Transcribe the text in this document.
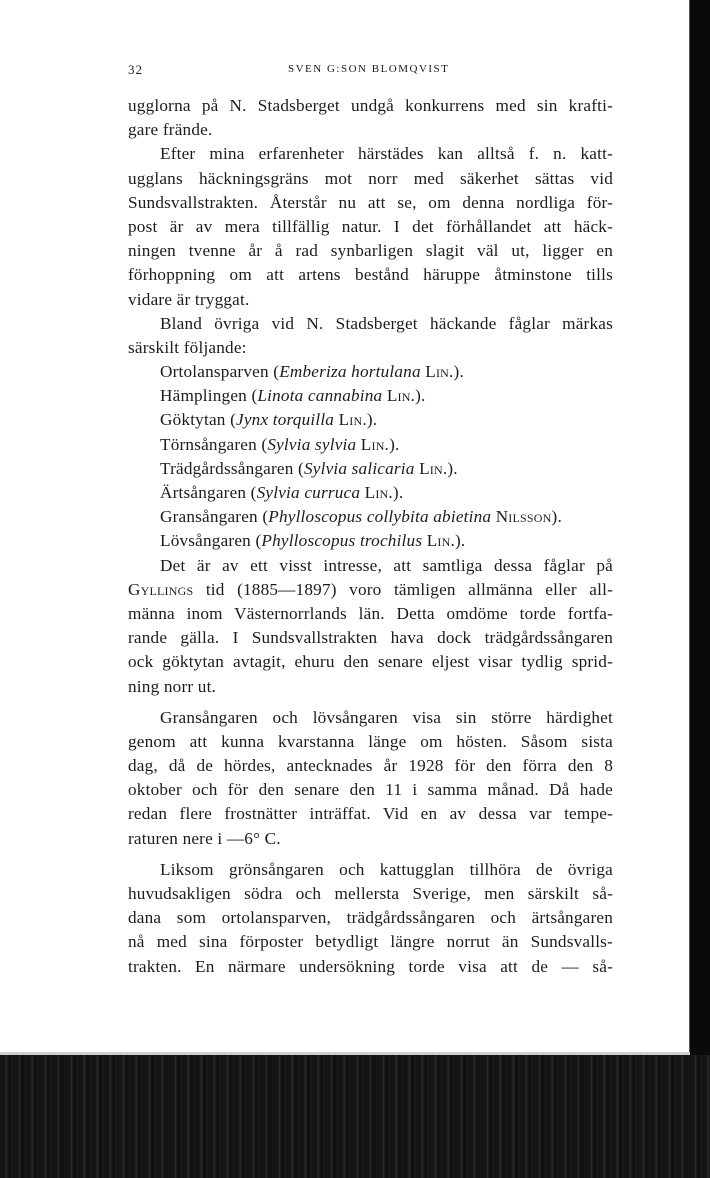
32	SVEN G:SON BLOMQVIST
ugglorna på N. Stadsberget undgå konkurrens med sin krafti-
gare frände.
Efter mina erfarenheter härstädes kan alltså f. n. katt-
ugglans häckningsgräns mot norr med säkerhet sättas vid
Sundsvallstrakten. Återstår nu att se, om denna nordliga för-
post är av mera tillfällig natur. I det förhållandet att häck-
ningen tvenne år å rad synbarligen slagit väl ut, ligger en
förhoppning om att artens bestånd häruppe åtminstone tills
vidare är tryggat.
Bland övriga vid N. Stadsberget häckande fåglar märkas
särskilt följande:
Ortolansparven (Emberiza hortulana Lin.).
Hämplingen (Linota cannabina Lin.).
Göktytan (Jynx torquilla Lin.).
Törnsångaren (Sylvia sylvia Lin.).
Trädgårdssångaren (Sylvia salicaria Lin.).
Ärtsångaren (Sylvia curruca Lin.).
Gransångaren (Phylloscopus collybita abietina Nilsson).
Lövsångaren (Phylloscopus trochilus Lin.).
Det är av ett visst intresse, att samtliga dessa fåglar på
Gyllings tid (1885—1897) voro tämligen allmänna eller all-
männa inom Västernorrlands län. Detta omdöme torde fortfa-
rande gälla. I Sundsvallstrakten hava dock trädgårdssångaren
ock göktytan avtagit, ehuru den senare eljest visar tydlig sprid-
ning norr ut.
Gransångaren och lövsångaren visa sin större härdighet
genom att kunna kvarstanna länge om hösten. Såsom sista
dag, då de hördes, antecknades år 1928 för den förra den 8
oktober och för den senare den 11 i samma månad. Då hade
redan flere frostnätter inträffat. Vid en av dessa var tempe-
raturen nere i —6° C.
Liksom grönsångaren och kattugglan tillhöra de övriga
huvudsakligen södra och mellersta Sverige, men särskilt så-
dana som ortolansparven, trädgårdssångaren och ärtsångaren
nå med sina förposter betydligt längre norrut än Sundsvalls-
trakten. En närmare undersökning torde visa att de — så-
